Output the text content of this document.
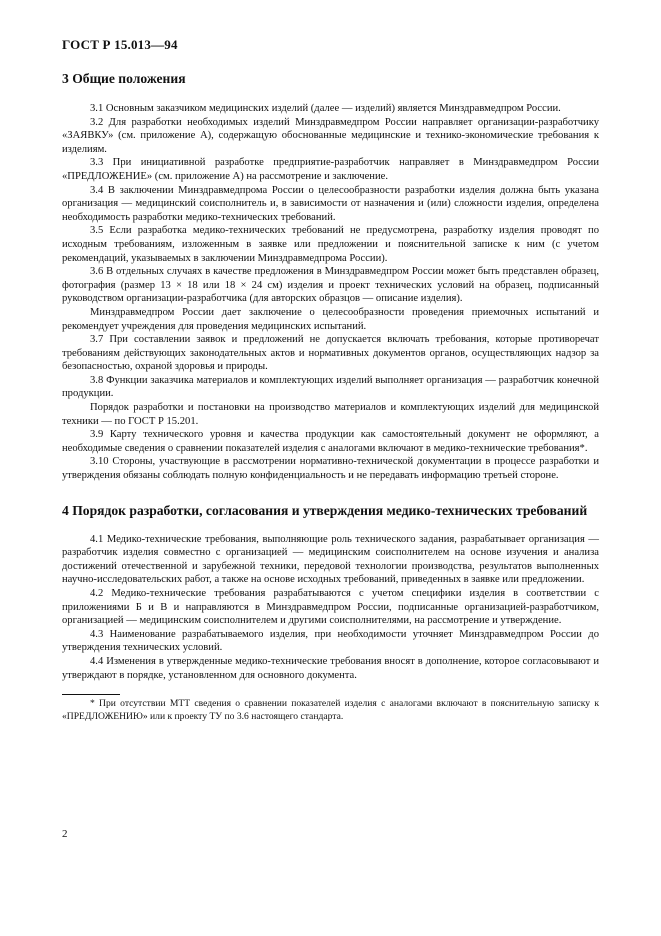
ГОСТ Р 15.013—94
3 Общие положения

3.1 Основным заказчиком медицинских изделий (далее — изделий) является Минздравмедпром России.

3.2 Для разработки необходимых изделий Минздравмедпром России направляет организации-разработчику «ЗАЯВКУ» (см. приложение А), содержащую обоснованные медицинские и технико-экономические требования к изделиям.

3.3 При инициативной разработке предприятие-разработчик направляет в Минздравмедпром России «ПРЕДЛОЖЕНИЕ» (см. приложение А) на рассмотрение и заключение.

3.4 В заключении Минздравмедпрома России о целесообразности разработки изделия должна быть указана организация — медицинский соисполнитель и, в зависимости от назначения и (или) сложности изделия, определена необходимость разработки медико-технических требований.

3.5 Если разработка медико-технических требований не предусмотрена, разработку изделия проводят по исходным требованиям, изложенным в заявке или предложении и пояснительной записке к ним (с учетом рекомендаций, указываемых в заключении Минздравмедпрома России).

3.6 В отдельных случаях в качестве предложения в Минздравмедпром России может быть представлен образец, фотография (размер 13 × 18 или 18 × 24 см) изделия и проект технических условий на образец, подписанный руководством организации-разработчика (для авторских образцов — описание изделия).

Минздравмедпром России дает заключение о целесообразности проведения приемочных испытаний и рекомендует учреждения для проведения медицинских испытаний.

3.7 При составлении заявок и предложений не допускается включать требования, которые противоречат требованиям действующих законодательных актов и нормативных документов органов, осуществляющих надзор за безопасностью, охраной здоровья и природы.

3.8 Функции заказчика материалов и комплектующих изделий выполняет организация — разработчик конечной продукции.

Порядок разработки и постановки на производство материалов и комплектующих изделий для медицинской техники — по ГОСТ Р 15.201.

3.9 Карту технического уровня и качества продукции как самостоятельный документ не оформляют, а необходимые сведения о сравнении показателей изделия с аналогами включают в медико-технические требования*.

3.10 Стороны, участвующие в рассмотрении нормативно-технической документации в процессе разработки и утверждения обязаны соблюдать полную конфиденциальность и не передавать информацию третьей стороне.

4 Порядок разработки, согласования и утверждения медико-технических требований

4.1 Медико-технические требования, выполняющие роль технического задания, разрабатывает организация — разработчик изделия совместно с организацией — медицинским соисполнителем на основе изучения и анализа достижений отечественной и зарубежной техники, передовой технологии производства, результатов выполненных научно-исследовательских работ, а также на основе исходных требований, приведенных в заявке или предложении.

4.2 Медико-технические требования разрабатываются с учетом специфики изделия в соответствии с приложениями Б и В и направляются в Минздравмедпром России, подписанные организацией-разработчиком, организацией — медицинским соисполнителем и другими соисполнителями, на рассмотрение и утверждение.

4.3 Наименование разрабатываемого изделия, при необходимости уточняет Минздравмедпром России до утверждения технических условий.

4.4 Изменения в утвержденные медико-технические требования вносят в дополнение, которое согласовывают и утверждают в порядке, установленном для основного документа.

* При отсутствии МТТ сведения о сравнении показателей изделия с аналогами включают в пояснительную записку к «ПРЕДЛОЖЕНИЮ» или к проекту ТУ по 3.6 настоящего стандарта.

2
